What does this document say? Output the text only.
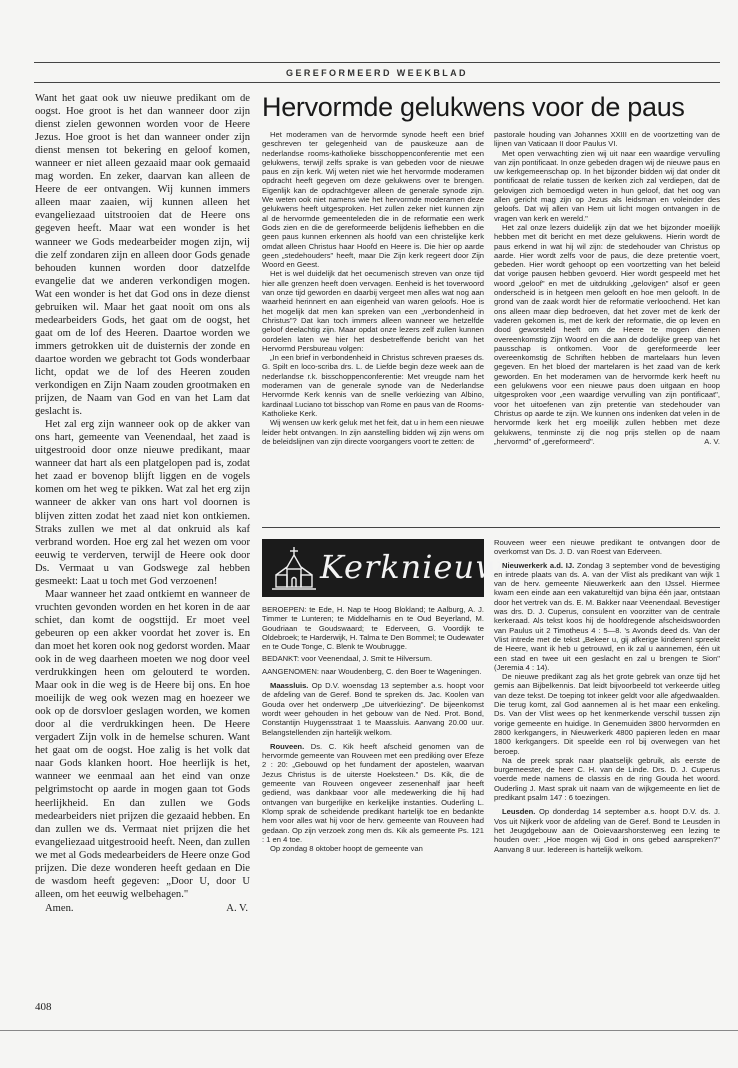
GEREFORMEERD WEEKBLAD

Want het gaat ook uw nieuwe predikant om de oogst. Hoe groot is het dan wanneer door zijn dienst zielen gewonnen worden voor de Heere Jezus. Hoe groot is het dan wanneer onder zijn dienst mensen tot bekering en geloof komen, wanneer er niet alleen gezaaid maar ook gemaaid mag worden. En zeker, daarvan kan alleen de Heere de eer ontvangen. Wij kunnen immers alleen maar zaaien, wij kunnen alleen het evangeliezaad uitstrooien dat de Heere ons gegeven heeft. Maar wat een wonder is het wanneer we Gods medearbeider mogen zijn, wij die zelf zondaren zijn en alleen door Gods genade behouden kunnen worden door datzelfde evangelie dat we anderen verkondigen mogen. Wat een wonder is het dat God ons in deze dienst gebruiken wil. Maar het gaat nooit om ons als medearbeiders Gods, het gaat om de oogst, het gaat om de lof des Heeren. Daartoe worden we immers getrokken uit de duisternis der zonde en daartoe worden we gebracht tot Gods wonderbaar licht, opdat we de lof des Heeren zouden verkondigen en Zijn Naam zouden grootmaken en prijzen, de Naam van God en van het Lam dat geslacht is.

Het zal erg zijn wanneer ook op de akker van ons hart, gemeente van Veenendaal, het zaad is uitgestrooid door onze nieuwe predikant, maar wanneer dat hart als een platgelopen pad is, zodat het zaad er bovenop blijft liggen en de vogels komen om het weg te pikken. Wat zal het erg zijn wanneer de akker van ons hart vol doornen is blijven zitten zodat het zaad niet kon ontkiemen. Straks zullen we met al dat onkruid als kaf verbrand worden. Hoe erg zal het wezen om voor eeuwig te verderven, terwijl de Heere ook door Ds. Vermaat u van Godswege zal hebben gesmeekt: Laat u toch met God verzoenen!

Maar wanneer het zaad ontkiemt en wanneer de vruchten gevonden worden en het koren in de aar schiet, dan komt de oogsttijd. Er moet veel gebeuren op een akker voordat het zover is. En dan moet het koren ook nog gedorst worden. Maar ook in de weg daarheen moeten we nog door veel verdrukkingen heen om gelouterd te worden. Maar ook in die weg is de Heere bij ons. En hoe moeilijk de weg ook wezen mag en hoezeer we ook op de dorsvloer geslagen worden, we komen door al die verdrukkingen heen. De Heere vergadert Zijn volk in de hemelse schuren. Want het gaat om de oogst. Hoe zalig is het volk dat naar Gods klanken hoort. Hoe heerlijk is het, wanneer we eenmaal aan het eind van onze pelgrimstocht op aarde in mogen gaan tot Gods heerlijkheid. En dan zullen we Gods medearbeiders niet prijzen die gezaaid hebben. En dan zullen we ds. Vermaat niet prijzen die het evangeliezaad uitgestrooid heeft. Neen, dan zullen we met al Gods medearbeiders de Heere onze God prijzen. Die deze wonderen heeft gedaan en Die de wasdom heeft gegeven: „Door U, door U alleen, om het eeuwig welbehagen."

Amen.	A. V.
Hervormde gelukwens voor de paus

Het moderamen van de hervormde synode heeft een brief geschreven ter gelegenheid van de pauskeuze aan de nederlandse rooms-katholieke bisschoppenconferentie met een gelukwens, terwijl zelfs sprake is van gebeden voor de nieuwe paus en zijn kerk. Wij weten niet wie het hervormde moderamen opdracht heeft gegeven om deze gelukwens over te brengen. Eigenlijk kan de opdrachtgever alleen de generale synode zijn. We weten ook niet namens wie het hervormde moderamen deze gelukwens heeft uitgesproken. Het zullen zeker niet kunnen zijn al de hervormde gemeenteleden die in de reformatie een werk Gods zien en die de gereformeerde belijdenis liefhebben en die geen paus kunnen erkennen als hoofd van een christelijke kerk omdat alleen Christus haar Hoofd en Heere is. Die hier op aarde geen „stedehouders" heeft, maar Die Zijn kerk regeert door Zijn Woord en Geest.

Het is wel duidelijk dat het oecumenisch streven van onze tijd hier alle grenzen heeft doen vervagen. Eenheid is het toverwoord van onze tijd geworden en daarbij vergeet men alles wat nog aan waarheid herinnert en aan eigenheid van waren geloofs. Hoe is het mogelijk dat men kan spreken van een „verbondenheid in Christus"? Dat kan toch immers alleen wanneer we hetzelfde geloof deelachtig zijn. Maar opdat onze lezers zelf zullen kunnen oordelen laten we hier het desbetreffende bericht van het Hervormd Persbureau volgen:

„In een brief in verbondenheid in Christus schreven praeses ds. G. Spilt en loco-scriba drs. L. de Liefde begin deze week aan de nederlandse r.k. bisschoppenconferentie: Met vreugde nam het moderamen van de generale synode van de Nederlandse Hervormde Kerk kennis van de snelle verkiezing van Albino, kardinaal Luciano tot bisschop van Rome en paus van de Rooms-Katholieke Kerk.

Wij wensen uw kerk geluk met het feit, dat u in hem een nieuwe leider hebt ontvangen. In zijn aanstelling bidden wij zijn wens om de beleidslijnen van zijn directe voorgangers voort te zetten: de

pastorale houding van Johannes XXIII en de voortzetting van de lijnen van Vaticaan II door Paulus VI.

Met open verwachting zien wij uit naar een waardige vervulling van zijn pontificaat. In onze gebeden dragen wij de nieuwe paus en uw kerkgemeenschap op. In het bijzonder bidden wij dat onder dit pontificaat de relatie tussen de kerken zich zal verdiepen, dat de gelovigen zich bemoedigd weten in hun geloof, dat het oog van allen gericht mag zijn op Jezus als leidsman en voleinder des geloofs. Dat wij allen van Hem uit licht mogen ontvangen in de vragen van kerk en wereld."

Het zal onze lezers duidelijk zijn dat we het bijzonder moeilijk hebben met dit bericht en met deze gelukwens. Hierin wordt de paus erkend in wat hij wil zijn: de stedehouder van Christus op aarde. Hier wordt zelfs voor de paus, die deze pretentie voert, gebeden. Hier wordt gehoopt op een voortzetting van het beleid dat vorige pausen hebben gevoerd. Hier wordt gespeeld met het woord „geloof" en met de uitdrukking „gelovigen" alsof er geen onderscheid is in hetgeen men gelooft en hoe men gelooft. In de grond van de zaak wordt hier de reformatie verloochend. Het kan ons alleen maar diep bedroeven, dat het zover met de kerk der vaderen gekomen is, met de kerk der reformatie, die op leven en dood geworsteld heeft om de Heere te mogen dienen overeenkomstig Zijn Woord en die aan de dodelijke greep van het pausschap is ontkomen. Voor de gereformeerde leer overeenkomstig de Schriften hebben de martelaars hun leven gegeven. En het bloed der martelaren is het zaad van de kerk geworden. En het moderamen van de hervormde kerk heeft nu een gelukwens voor een nieuwe paus doen uitgaan en hoop uitgesproken voor „een waardige vervulling van zijn pontificaat", voor het uitoefenen van zijn pretentie van stedehouder van Christus op aarde te zijn. We kunnen ons indenken dat velen in de hervormde kerk het erg moeilijk zullen hebben met deze gelukwens, tenminste zij die nog prijs stellen op de naam „hervormd" of „gereformeerd".	A. V.

Kerknieuws

BEROEPEN: te Ede, H. Nap te Hoog Blokland; te Aalburg, A. J. Timmer te Lunteren; te Middelharnis en te Oud Beyerland, M. Goudriaan te Goudswaard; te Ederveen, G. Voordijk te Oldebroek; te Harderwijk, H. Talma te Den Bommel; te Oudewater en te Oude Tonge, C. Blenk te Woubrugge.

BEDANKT: voor Veenendaal, J. Smit te Hilversum.

AANGENOMEN: naar Woudenberg, C. den Boer te Wageningen.

Maassluis. Op D.V. woensdag 13 september a.s. hoopt voor de afdeling van de Geref. Bond te spreken ds. Jac. Koolen van Gouda over het onderwerp „De uitverkiezing". De bijeenkomst wordt weer gehouden in het gebouw van de Ned. Prot. Bond, Constantijn Huygensstraat 1 te Maassluis. Aanvang 20.00 uur. Belangstellenden zijn hartelijk welkom.

Rouveen. Ds. C. Kik heeft afscheid genomen van de hervormde gemeente van Rouveen met een prediking over Efeze 2 : 20: „Gebouwd op het fundament der apostelen, waarvan Jezus Christus is de uiterste Hoeksteen." Ds. Kik, die de gemeente van Rouveen ongeveer zesenenhalf jaar heeft gediend, was dankbaar voor alle medewerking die hij had ontvangen van burgerlijke en kerkelijke instanties. Ouderling L. Klomp sprak de scheidende predikant hartelijk toe en bedankte hem voor alles wat hij voor de herv. gemeente van Rouveen had gedaan. Op zijn verzoek zong men ds. Kik als gemeente Ps. 121 : 1 en 4 toe.

Op zondag 8 oktober hoopt de gemeente van

Rouveen weer een nieuwe predikant te ontvangen door de overkomst van Ds. J. D. van Roest van Ederveen.

Nieuwerkerk a.d. IJ. Zondag 3 september vond de bevestiging en intrede plaats van ds. A. van der Vlist als predikant van wijk 1 van de herv. gemeente Nieuwerkerk aan den IJssel. Hiermee kwam een einde aan een vakatureltijd van bijna één jaar, ontstaan door het vertrek van ds. E. M. Bakker naar Veenendaal. Bevestiger was drs. D. J. Cuperus, consulent en voorzitter van de centrale kerkeraad. Als tekst koos hij de hoofdregende afscheidswoorden van Paulus uit 2 Timotheus 4 : 5—8. 's Avonds deed ds. Van der Vlist intrede met de tekst „Bekeer u, gij afkerige kinderen! spreekt de Heere, want ik heb u getrouwd, en ik zal u aannemen, één uit een stad en twee uit een geslacht en zal u brengen te Sion" (Jeremia 4 : 14).

De nieuwe predikant zag als het grote gebrek van onze tijd het gemis aan Bijbelkennis. Dat leidt bijvoorbeeld tot verkeerde uitleg van deze tekst. De toeping tot inkeer geldt voor alle afgedwaalden. Die terug komt, zal God aannemen al is het maar een enkeling. Ds. Van der Vlist wees op het kenmerkende verschil tussen zijn vorige gemeente en huidige. In Genemuiden 3800 hervormden en 2800 kerkgangers, in Nieuwerkerk 4800 papieren leden en maar 1800 kerkgangers. Dit speelde een rol bij overwegen van het beroep.

Na de preek sprak naar plaatselijk gebruik, als eerste de burgemeester, de heer C. H. van de Linde. Drs. D. J. Cuperus voerde mede namens de classis en de ring Gouda het woord. Ouderling J. Mast sprak uit naam van de wijkgemeente en liet de predikant psalm 147 : 6 toezingen.

Leusden. Op donderdag 14 september a.s. hoopt D.V. ds. J. Vos uit Nijkerk voor de afdeling van de Geref. Bond te Leusden in het Jeugdgebouw aan de Ooievaarshorsterweg een lezing te houden over: „Hoe mogen wij God in ons gebed aanspreken?" Aanvang 8 uur. Iedereen is hartelijk welkom.

408
